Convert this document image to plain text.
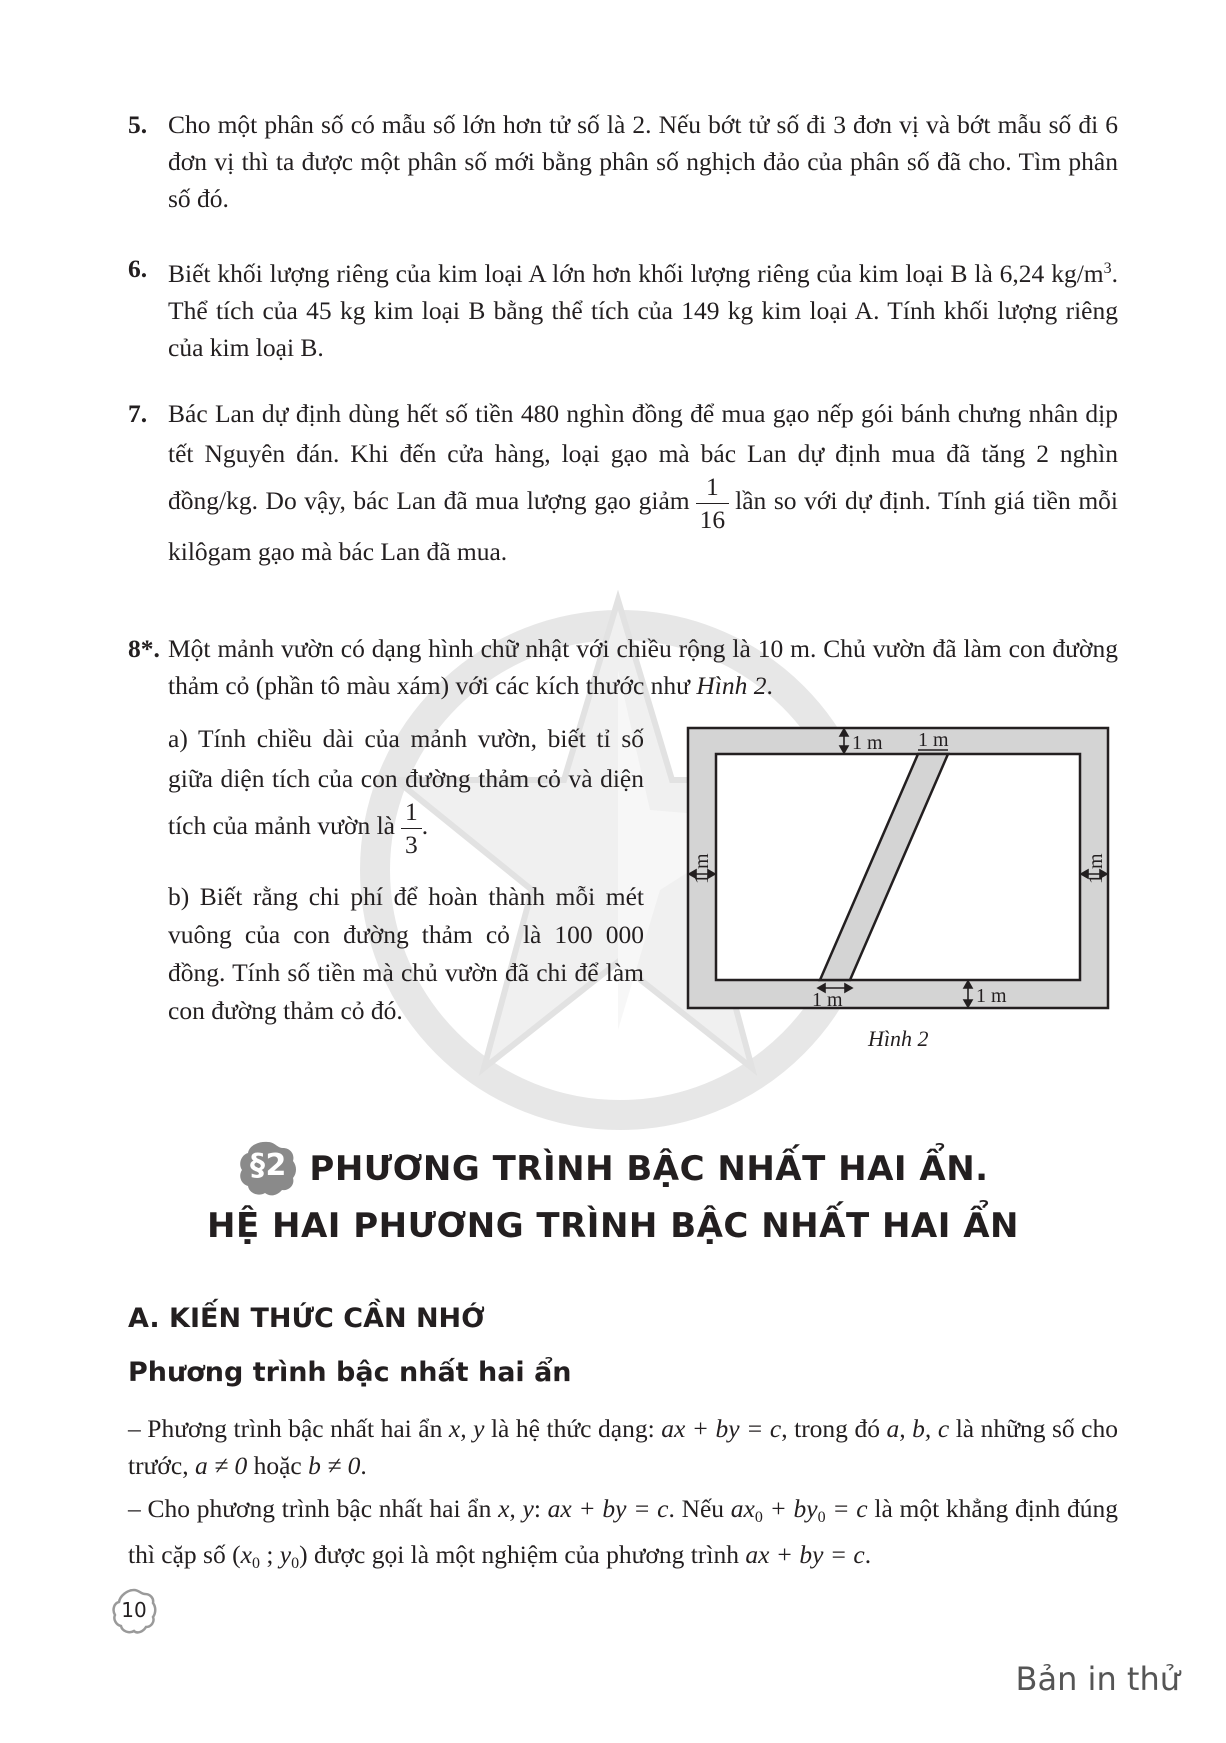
5. Cho một phân số có mẫu số lớn hơn tử số là 2. Nếu bớt tử số đi 3 đơn vị và bớt mẫu số đi 6 đơn vị thì ta được một phân số mới bằng phân số nghịch đảo của phân số đã cho. Tìm phân số đó.
6. Biết khối lượng riêng của kim loại A lớn hơn khối lượng riêng của kim loại B là 6,24 $kg/m^3$. Thể tích của 45 kg kim loại B bằng thể tích của 149 kg kim loại A. Tính khối lượng riêng của kim loại B.
7. Bác Lan dự định dùng hết số tiền 480 nghìn đồng để mua gạo nếp gói bánh chưng nhân dịp tết Nguyên đán. Khi đến cửa hàng, loại gạo mà bác Lan dự định mua đã tăng 2 nghìn đồng/kg. Do vậy, bác Lan đã mua lượng gạo giảm $\frac{1}{16}$ lần so với dự định. Tính giá tiền mỗi kilôgam gạo mà bác Lan đã mua.
8*. Một mảnh vườn có dạng hình chữ nhật với chiều rộng là 10 m. Chủ vườn đã làm con đường thảm cỏ (phần tô màu xám) với các kích thước như Hình 2.
a) Tính chiều dài của mảnh vườn, biết tỉ số giữa diện tích của con đường thảm cỏ và diện tích của mảnh vườn là $\frac{1}{3}$ .
b) Biết rằng chi phí để hoàn thành mỗi mét vuông của con đường thảm cỏ là 100 000 đồng. Tính số tiền mà chủ vườn đã chi để làm con đường thảm cỏ đó.
1 m 1 m
1 m	1 m
1 m	1 m
Hình 2
§2 PHƯƠNG TRÌNH BẬC NHẤT HAI ẨN.
HỆ HAI PHƯƠNG TRÌNH BẬC NHẤT HAI ẨN
A. KIẾN THỨC CẦN NHỚ
Phương trình bậc nhất hai ẩn
– Phương trình bậc nhất hai ẩn x, y là hệ thức dạng: ax + by = c, trong đó a, b, c là những số cho trước, a ≠ 0 hoặc b ≠ 0.
– Cho phương trình bậc nhất hai ẩn x, y: ax + by = c. Nếu $ax_0 + by_0 = c$ là một khẳng định đúng thì cặp số ($x_0$ ; $y_0$) được gọi là một nghiệm của phương trình ax + by = c.
10
Bản in thử
